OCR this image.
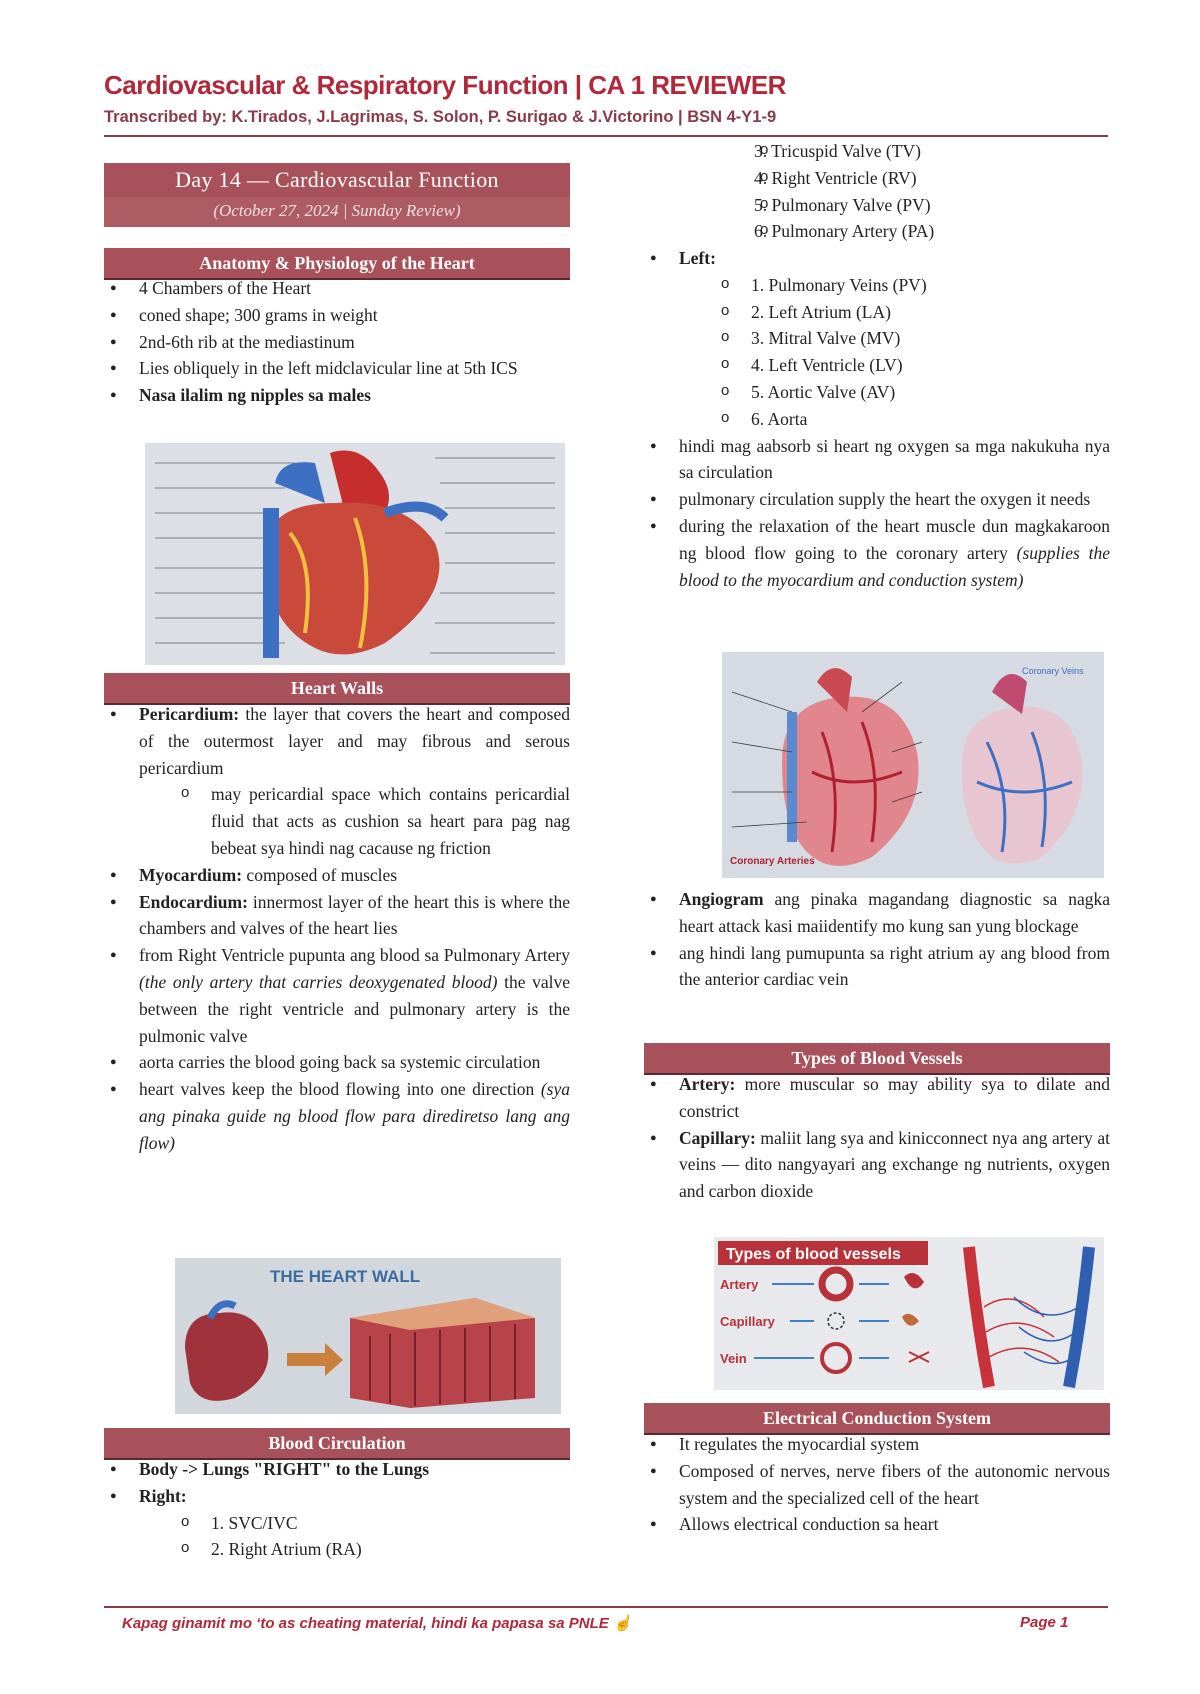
Cardiovascular & Respiratory Function | CA 1 REVIEWER
Transcribed by: K.Tirados, J.Lagrimas, S. Solon, P. Surigao & J.Victorino | BSN 4-Y1-9
Day 14 — Cardiovascular Function
(October 27, 2024 | Sunday Review)
Anatomy & Physiology of the Heart
● 4 Chambers of the Heart
● coned shape; 300 grams in weight
● 2nd-6th rib at the mediastinum
● Lies obliquely in the left midclavicular line at 5th ICS
● Nasa ilalim ng nipples sa males
Heart Walls
● Pericardium: the layer that covers the heart and composed of the outermost layer and may fibrous and serous pericardium
o may pericardial space which contains pericardial fluid that acts as cushion sa heart para pag nag bebeat sya hindi nag cacause ng friction
● Myocardium: composed of muscles
● Endocardium: innermost layer of the heart this is where the chambers and valves of the heart lies
● from Right Ventricle pupunta ang blood sa Pulmonary Artery (the only artery that carries deoxygenated blood) the valve between the right ventricle and pulmonary artery is the pulmonic valve
● aorta carries the blood going back sa systemic circulation
● heart valves keep the blood flowing into one direction (sya ang pinaka guide ng blood flow para dirediretso lang ang flow)
THE HEART WALL
Blood Circulation
● Body -> Lungs "RIGHT" to the Lungs
● Right:
o 1. SVC/IVC
o 2. Right Atrium (RA)
o 3. Tricuspid Valve (TV)
o 4. Right Ventricle (RV)
o 5. Pulmonary Valve (PV)
o 6. Pulmonary Artery (PA)
● Left:
o 1. Pulmonary Veins (PV)
o 2. Left Atrium (LA)
o 3. Mitral Valve (MV)
o 4. Left Ventricle (LV)
o 5. Aortic Valve (AV)
o 6. Aorta
● hindi mag aabsorb si heart ng oxygen sa mga nakukuha nya sa circulation
● pulmonary circulation supply the heart the oxygen it needs
● during the relaxation of the heart muscle dun magkakaroon ng blood flow going to the coronary artery (supplies the blood to the myocardium and conduction system)
Coronary Arteries
Coronary Veins
● Angiogram ang pinaka magandang diagnostic sa nagka heart attack kasi maiidentify mo kung san yung blockage
● ang hindi lang pumupunta sa right atrium ay ang blood from the anterior cardiac vein
Types of Blood Vessels
● Artery: more muscular so may ability sya to dilate and constrict
● Capillary: maliit lang sya and kinicconnect nya ang artery at veins — dito nangyayari ang exchange ng nutrients, oxygen and carbon dioxide
Types of blood vessels
Artery
Capillary
Vein
Electrical Conduction System
● It regulates the myocardial system
● Composed of nerves, nerve fibers of the autonomic nervous system and the specialized cell of the heart
● Allows electrical conduction sa heart
Kapag ginamit mo ‘to as cheating material, hindi ka papasa sa PNLE ☝	Page 1
